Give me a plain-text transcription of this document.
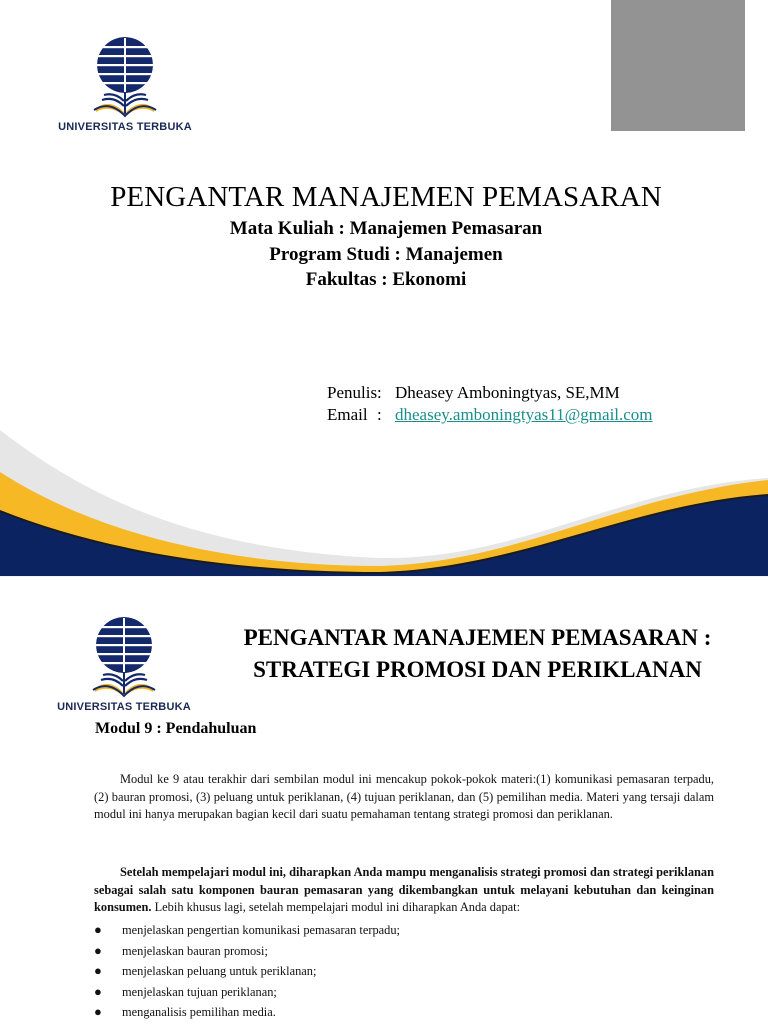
UNIVERSITAS TERBUKA
PENGANTAR MANAJEMEN PEMASARAN

Mata Kuliah : Manajemen Pemasaran

Program Studi : Manajemen

Fakultas : Ekonomi

Penulis: Dheasey Amboningtyas, SE,MM
Email : dheasey.amboningtyas11@gmail.com
UNIVERSITAS TERBUKA
PENGANTAR MANAJEMEN PEMASARAN :
STRATEGI PROMOSI DAN PERIKLANAN
Modul 9 : Pendahuluan

Modul ke 9 atau terakhir dari sembilan modul ini mencakup pokok-pokok materi:(1) komunikasi pemasaran terpadu, (2) bauran promosi, (3) peluang untuk periklanan, (4) tujuan periklanan, dan (5) pemilihan media. Materi yang tersaji dalam modul ini hanya merupakan bagian kecil dari suatu pemahaman tentang strategi promosi dan periklanan.

Setelah mempelajari modul ini, diharapkan Anda mampu menganalisis strategi promosi dan strategi periklanan sebagai salah satu komponen bauran pemasaran yang dikembangkan untuk melayani kebutuhan dan keinginan konsumen. Lebih khusus lagi, setelah mempelajari modul ini diharapkan Anda dapat:

● menjelaskan pengertian komunikasi pemasaran terpadu;
● menjelaskan bauran promosi;
● menjelaskan peluang untuk periklanan;
● menjelaskan tujuan periklanan;
● menganalisis pemilihan media.
